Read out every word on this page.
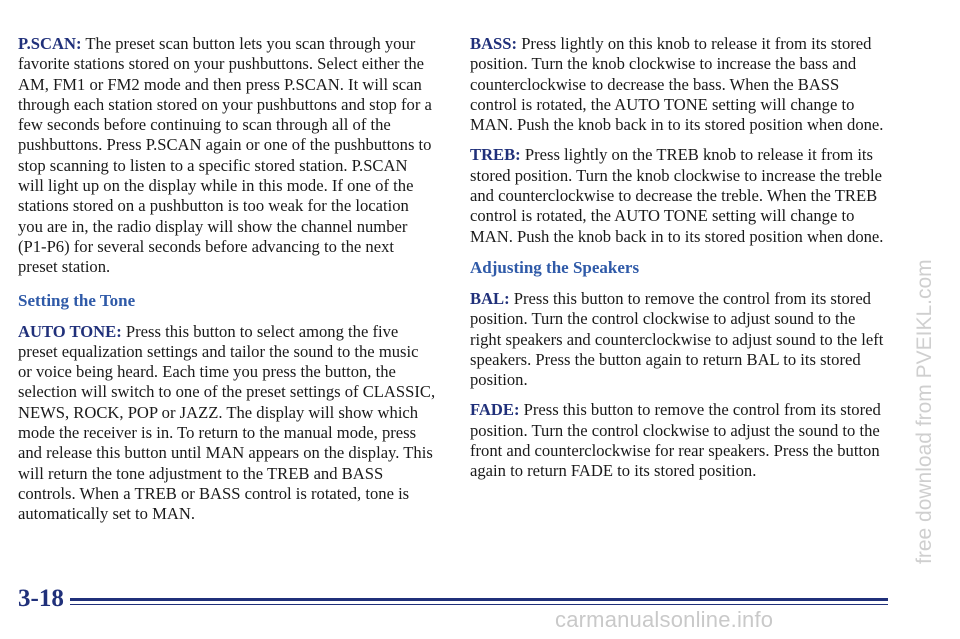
P.SCAN: The preset scan button lets you scan through your favorite stations stored on your pushbuttons. Select either the AM, FM1 or FM2 mode and then press P.SCAN. It will scan through each station stored on your pushbuttons and stop for a few seconds before continuing to scan through all of the pushbuttons. Press P.SCAN again or one of the pushbuttons to stop scanning to listen to a specific stored station. P.SCAN will light up on the display while in this mode. If one of the stations stored on a pushbutton is too weak for the location you are in, the radio display will show the channel number (P1-P6) for several seconds before advancing to the next preset station.

Setting the Tone

AUTO TONE: Press this button to select among the five preset equalization settings and tailor the sound to the music or voice being heard. Each time you press the button, the selection will switch to one of the preset settings of CLASSIC, NEWS, ROCK, POP or JAZZ. The display will show which mode the receiver is in. To return to the manual mode, press and release this button until MAN appears on the display. This will return the tone adjustment to the TREB and BASS controls. When a TREB or BASS control is rotated, tone is automatically set to MAN.

BASS: Press lightly on this knob to release it from its stored position. Turn the knob clockwise to increase the bass and counterclockwise to decrease the bass. When the BASS control is rotated, the AUTO TONE setting will change to MAN. Push the knob back in to its stored position when done.

TREB: Press lightly on the TREB knob to release it from its stored position. Turn the knob clockwise to increase the treble and counterclockwise to decrease the treble. When the TREB control is rotated, the AUTO TONE setting will change to MAN. Push the knob back in to its stored position when done.

Adjusting the Speakers

BAL: Press this button to remove the control from its stored position. Turn the control clockwise to adjust sound to the right speakers and counterclockwise to adjust sound to the left speakers. Press the button again to return BAL to its stored position.

FADE: Press this button to remove the control from its stored position. Turn the control clockwise to adjust the sound to the front and counterclockwise for rear speakers. Press the button again to return FADE to its stored position.

3-18
free download from PVEIKL.com
carmanualsonline.info
